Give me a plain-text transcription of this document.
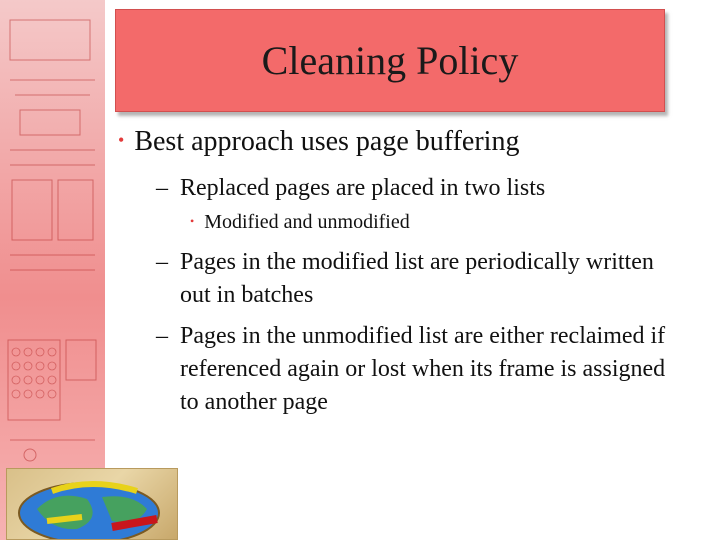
Cleaning Policy
• Best approach uses page buffering
– Replaced pages are placed in two lists
• Modified and unmodified
– Pages in the modified list are periodically written out in batches
– Pages in the unmodified list are either reclaimed if referenced again or lost when its frame is assigned to another page
